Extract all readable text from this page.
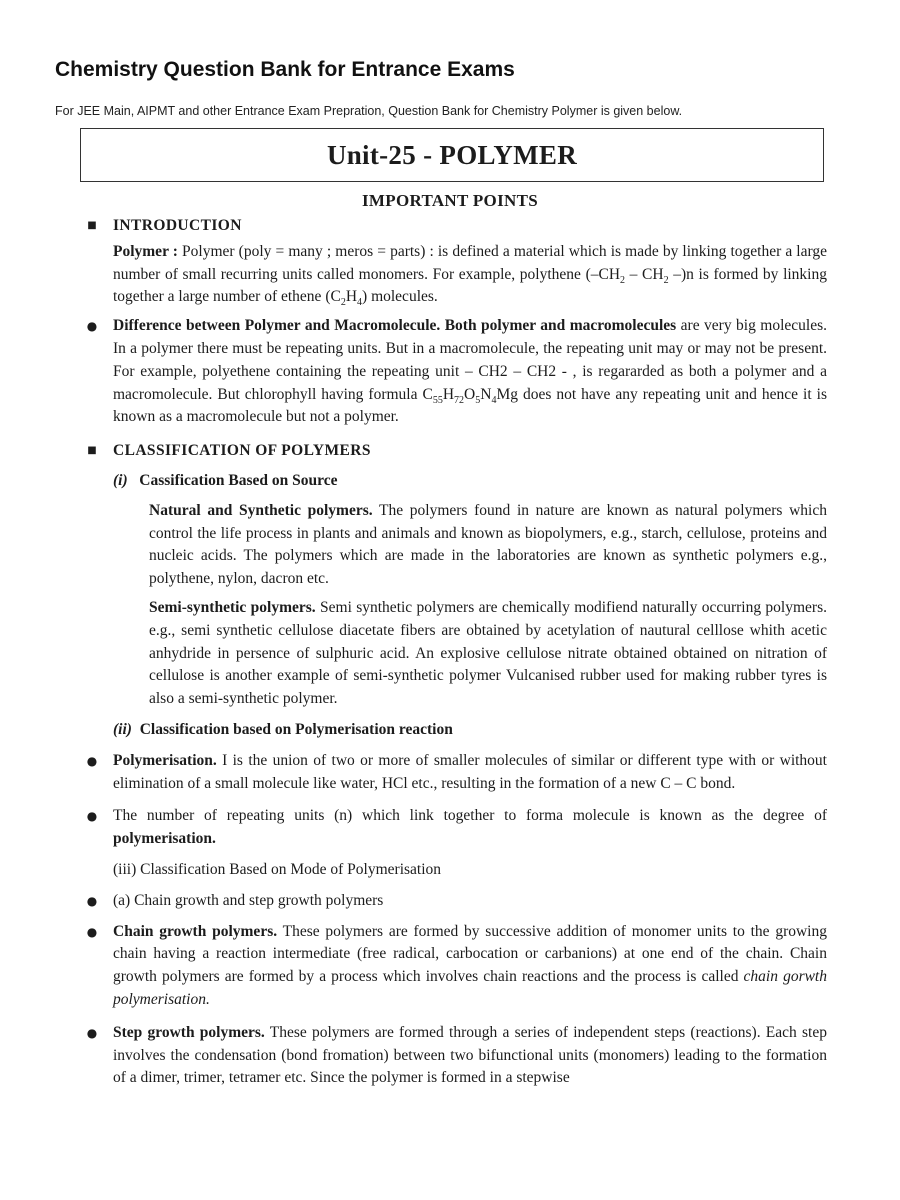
Chemistry Question Bank for Entrance Exams
For JEE Main, AIPMT and other Entrance Exam Prepration, Question Bank for Chemistry Polymer is given below.
Unit-25 - POLYMER
IMPORTANT POINTS
■	INTRODUCTION
Polymer : Polymer (poly = many ; meros = parts) : is defined a material which is made by linking together a large number of small recurring units called monomers. For example, polythene ($-CH_2 - CH_2$ –)n is formed by linking together a large number of ethene $(C_2H_4)$ molecules.
●	Difference between Polymer and Macromolecule. Both polymer and macromolecules are very big molecules. In a polymer there must be repeating units. But in a macromolecule, the repeating unit may or may not be present. For example, polyethene containing the repeating unit – CH2 – CH2 - , is regararded as both a polymer and a macromolecule. But chlorophyll having formula $C_{55}H_{72}O_5N_4Mg$ does not have any repeating unit and hence it is known as a macromolecule but not a polymer.
■	CLASSIFICATION OF POLYMERS
(i) Cassification Based on Source
Natural and Synthetic polymers. The polymers found in nature are known as natural polymers which control the life process in plants and animals and known as biopolymers, e.g., starch, cellulose, proteins and nucleic acids. The polymers which are made in the laboratories are known as synthetic polymers e.g., polythene, nylon, dacron etc.
Semi-synthetic polymers. Semi synthetic polymers are chemically modifiend naturally occurring polymers. e.g., semi synthetic cellulose diacetate fibers are obtained by acetylation of nautural celllose whith acetic anhydride in persence of sulphuric acid. An explosive cellulose nitrate obtained obtained on nitration of cellulose is another example of semi-synthetic polymer Vulcanised rubber used for making rubber tyres is also a semi-synthetic polymer.
(ii) Classification based on Polymerisation reaction
●	Polymerisation. I is the union of two or more of smaller molecules of similar or different type with or without elimination of a small molecule like water, HCl etc., resulting in the formation of a new C – C bond.
●	The number of repeating units (n) which link together to forma molecule is known as the degree of polymerisation.
(iii) Classification Based on Mode of Polymerisation
●	(a) Chain growth and step growth polymers
●	Chain growth polymers. These polymers are formed by successive addition of monomer units to the growing chain having a reaction intermediate (free radical, carbocation or carbanions) at one end of the chain. Chain growth polymers are formed by a process which involves chain reactions and the process is called chain gorwth polymerisation.
●	Step growth polymers. These polymers are formed through a series of independent steps (reactions). Each step involves the condensation (bond fromation) between two bifunctional units (monomers) leading to the formation of a dimer, trimer, tetramer etc. Since the polymer is formed in a stepwise
